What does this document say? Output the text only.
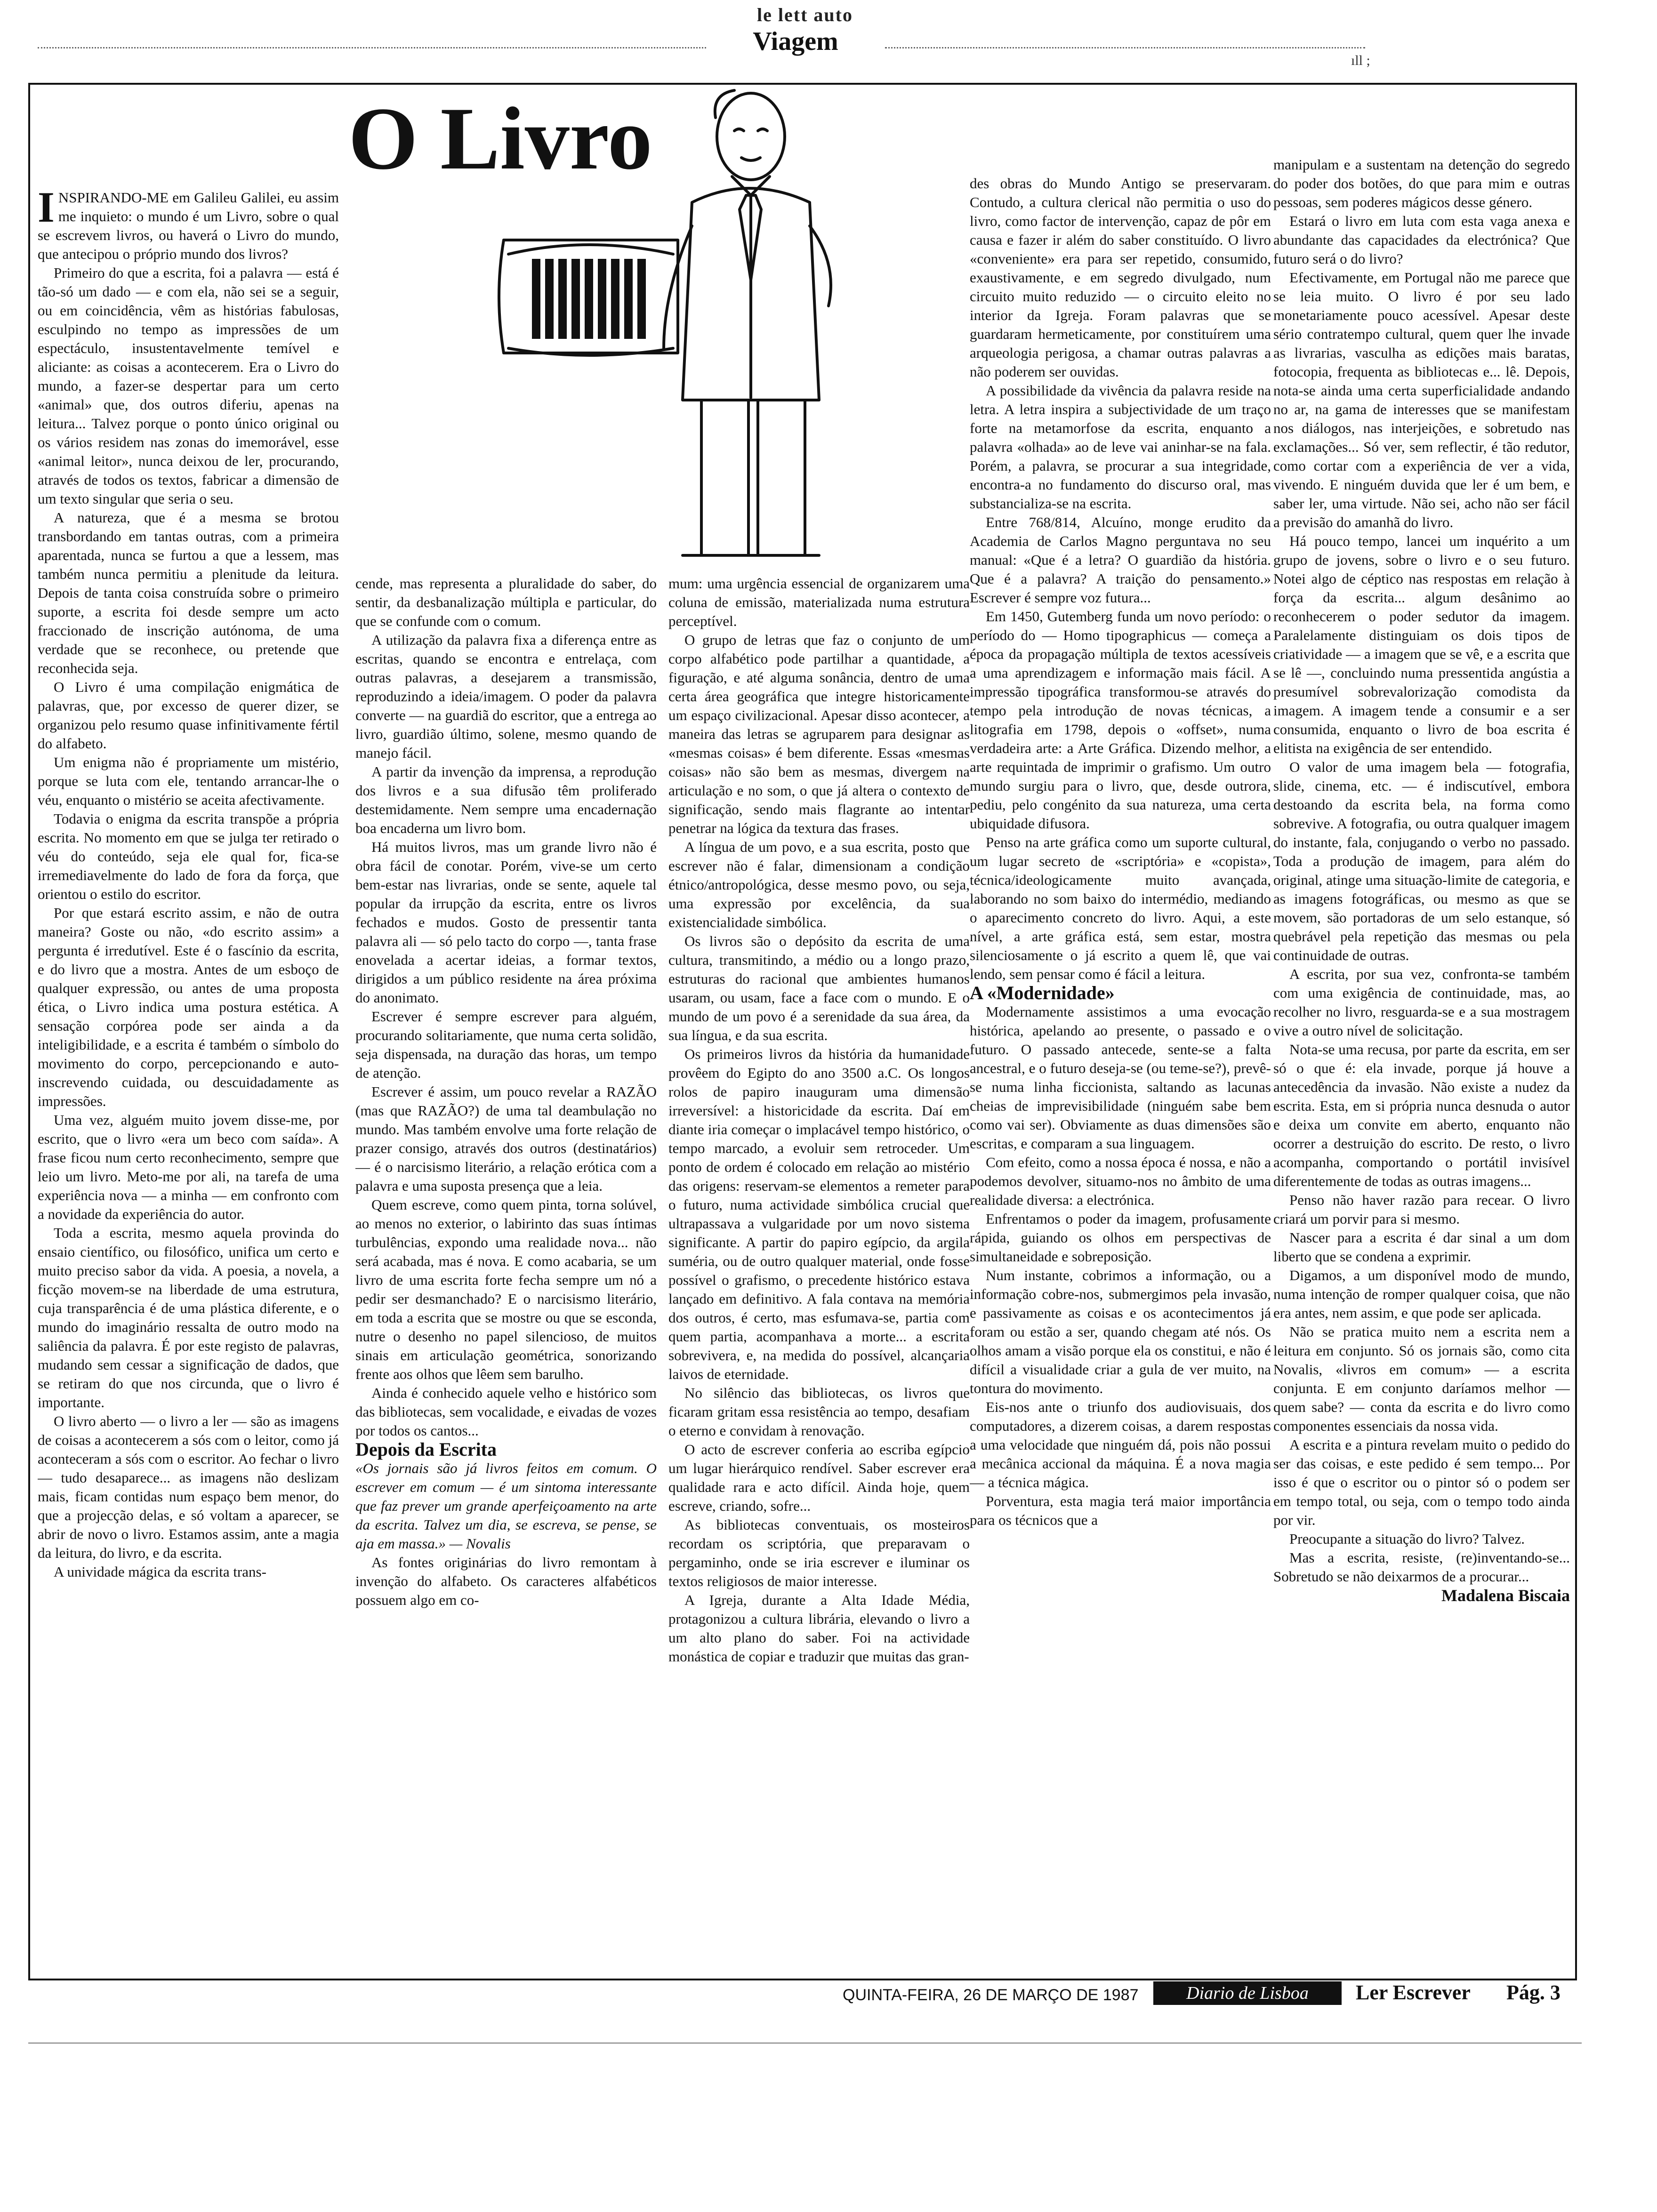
le lett auto
Viagem
ıll ;
O Livro

INSPIRANDO-ME em Galileu Galilei, eu assim me inquieto: o mundo é um Livro, sobre o qual se escrevem livros, ou haverá o Livro do mundo, que antecipou o próprio mundo dos livros?

Primeiro do que a escrita, foi a palavra — está é tão-só um dado — e com ela, não sei se a seguir, ou em coincidência, vêm as histórias fabulosas, esculpindo no tempo as impressões de um espectáculo, insustentavelmente temível e aliciante: as coisas a acontecerem. Era o Livro do mundo, a fazer-se despertar para um certo «animal» que, dos outros diferiu, apenas na leitura... Talvez porque o ponto único original ou os vários residem nas zonas do imemorável, esse «animal leitor», nunca deixou de ler, procurando, através de todos os textos, fabricar a dimensão de um texto singular que seria o seu.

A natureza, que é a mesma se brotou transbordando em tantas outras, com a primeira aparentada, nunca se furtou a que a lessem, mas também nunca permitiu a plenitude da leitura. Depois de tanta coisa construída sobre o primeiro suporte, a escrita foi desde sempre um acto fraccionado de inscrição autónoma, de uma verdade que se reconhece, ou pretende que reconhecida seja.

O Livro é uma compilação enigmática de palavras, que, por excesso de querer dizer, se organizou pelo resumo quase infinitivamente fértil do alfabeto.

Um enigma não é propriamente um mistério, porque se luta com ele, tentando arrancar-lhe o véu, enquanto o mistério se aceita afectivamente.

Todavia o enigma da escrita transpõe a própria escrita. No momento em que se julga ter retirado o véu do conteúdo, seja ele qual for, fica-se irremediavelmente do lado de fora da força, que orientou o estilo do escritor.

Por que estará escrito assim, e não de outra maneira? Goste ou não, «do escrito assim» a pergunta é irredutível. Este é o fascínio da escrita, e do livro que a mostra. Antes de um esboço de qualquer expressão, ou antes de uma proposta ética, o Livro indica uma postura estética. A sensação corpórea pode ser ainda a da inteligibilidade, e a escrita é também o símbolo do movimento do corpo, percepcionando e auto-inscrevendo cuidada, ou descuidadamente as impressões.

Uma vez, alguém muito jovem disse-me, por escrito, que o livro «era um beco com saída». A frase ficou num certo reconhecimento, sempre que leio um livro. Meto-me por ali, na tarefa de uma experiência nova — a minha — em confronto com a novidade da experiência do autor.

Toda a escrita, mesmo aquela provinda do ensaio científico, ou filosófico, unifica um certo e muito preciso sabor da vida. A poesia, a novela, a ficção movem-se na liberdade de uma estrutura, cuja transparência é de uma plástica diferente, e o mundo do imaginário ressalta de outro modo na saliência da palavra. É por este registo de palavras, mudando sem cessar a significação de dados, que se retiram do que nos circunda, que o livro é importante.

O livro aberto — o livro a ler — são as imagens de coisas a acontecerem a sós com o leitor, como já aconteceram a sós com o escritor. Ao fechar o livro — tudo desaparece... as imagens não deslizam mais, ficam contidas num espaço bem menor, do que a projecção delas, e só voltam a aparecer, se abrir de novo o livro. Estamos assim, ante a magia da leitura, do livro, e da escrita.

A unividade mágica da escrita trans-

cende, mas representa a pluralidade do saber, do sentir, da desbanalização múltipla e particular, do que se confunde com o comum.

A utilização da palavra fixa a diferença entre as escritas, quando se encontra e entrelaça, com outras palavras, a desejarem a transmissão, reproduzindo a ideia/imagem. O poder da palavra converte — na guardiã do escritor, que a entrega ao livro, guardião último, solene, mesmo quando de manejo fácil.

A partir da invenção da imprensa, a reprodução dos livros e a sua difusão têm proliferado destemidamente. Nem sempre uma encadernação boa encaderna um livro bom.

Há muitos livros, mas um grande livro não é obra fácil de conotar. Porém, vive-se um certo bem-estar nas livrarias, onde se sente, aquele tal popular da irrupção da escrita, entre os livros fechados e mudos. Gosto de pressentir tanta palavra ali — só pelo tacto do corpo —, tanta frase enovelada a acertar ideias, a formar textos, dirigidos a um público residente na área próxima do anonimato.

Escrever é sempre escrever para alguém, procurando solitariamente, que numa certa solidão, seja dispensada, na duração das horas, um tempo de atenção.

Escrever é assim, um pouco revelar a RAZÃO (mas que RAZÃO?) de uma tal deambulação no mundo. Mas também envolve uma forte relação de prazer consigo, através dos outros (destinatários) — é o narcisismo literário, a relação erótica com a palavra e uma suposta presença que a leia.

Quem escreve, como quem pinta, torna solúvel, ao menos no exterior, o labirinto das suas íntimas turbulências, expondo uma realidade nova... não será acabada, mas é nova. E como acabaria, se um livro de uma escrita forte fecha sempre um nó a pedir ser desmanchado? E o narcisismo literário, em toda a escrita que se mostre ou que se esconda, nutre o desenho no papel silencioso, de muitos sinais em articulação geométrica, sonorizando frente aos olhos que lêem sem barulho.

Ainda é conhecido aquele velho e histórico som das bibliotecas, sem vocalidade, e eivadas de vozes por todos os cantos...

Depois da Escrita

«Os jornais são já livros feitos em comum. O escrever em comum — é um sintoma interessante que faz prever um grande aperfeiçoamento na arte da escrita. Talvez um dia, se escreva, se pense, se aja em massa.» — Novalis

As fontes originárias do livro remontam à invenção do alfabeto. Os caracteres alfabéticos possuem algo em co-

mum: uma urgência essencial de organizarem uma coluna de emissão, materializada numa estrutura perceptível.

O grupo de letras que faz o conjunto de um corpo alfabético pode partilhar a quantidade, a figuração, e até alguma sonância, dentro de uma certa área geográfica que integre historicamente um espaço civilizacional. Apesar disso acontecer, a maneira das letras se agruparem para designar as «mesmas coisas» é bem diferente. Essas «mesmas coisas» não são bem as mesmas, divergem na articulação e no som, o que já altera o contexto de significação, sendo mais flagrante ao intentar penetrar na lógica da textura das frases.

A língua de um povo, e a sua escrita, posto que escrever não é falar, dimensionam a condição étnico/antropológica, desse mesmo povo, ou seja, uma expressão por excelência, da sua existencialidade simbólica.

Os livros são o depósito da escrita de uma cultura, transmitindo, a médio ou a longo prazo, estruturas do racional que ambientes humanos usaram, ou usam, face a face com o mundo. E o mundo de um povo é a serenidade da sua área, da sua língua, e da sua escrita.

Os primeiros livros da história da humanidade provêem do Egipto do ano 3500 a.C. Os longos rolos de papiro inauguram uma dimensão irreversível: a historicidade da escrita. Daí em diante iria começar o implacável tempo histórico, o tempo marcado, a evoluir sem retroceder. Um ponto de ordem é colocado em relação ao mistério das origens: reservam-se elementos a remeter para o futuro, numa actividade simbólica crucial que ultrapassava a vulgaridade por um novo sistema significante. A partir do papiro egípcio, da argila suméria, ou de outro qualquer material, onde fosse possível o grafismo, o precedente histórico estava lançado em definitivo. A fala contava na memória dos outros, é certo, mas esfumava-se, partia com quem partia, acompanhava a morte... a escrita sobrevivera, e, na medida do possível, alcançaria laivos de eternidade.

No silêncio das bibliotecas, os livros que ficaram gritam essa resistência ao tempo, desafiam o eterno e convidam à renovação.

O acto de escrever conferia ao escriba egípcio um lugar hierárquico rendível. Saber escrever era qualidade rara e acto difícil. Ainda hoje, quem escreve, criando, sofre...

As bibliotecas conventuais, os mosteiros recordam os scriptória, que preparavam o pergaminho, onde se iria escrever e iluminar os textos religiosos de maior interesse.

A Igreja, durante a Alta Idade Média, protagonizou a cultura librária, elevando o livro a um alto plano do saber. Foi na actividade monástica de copiar e traduzir que muitas das gran-

des obras do Mundo Antigo se preservaram. Contudo, a cultura clerical não permitia o uso do livro, como factor de intervenção, capaz de pôr em causa e fazer ir além do saber constituído. O livro «conveniente» era para ser repetido, consumido, exaustivamente, e em segredo divulgado, num circuito muito reduzido — o circuito eleito no interior da Igreja. Foram palavras que se guardaram hermeticamente, por constituírem uma arqueologia perigosa, a chamar outras palavras a não poderem ser ouvidas.

A possibilidade da vivência da palavra reside na letra. A letra inspira a subjectividade de um traço forte na metamorfose da escrita, enquanto a palavra «olhada» ao de leve vai aninhar-se na fala. Porém, a palavra, se procurar a sua integridade, encontra-a no fundamento do discurso oral, mas substancializa-se na escrita.

Entre 768/814, Alcuíno, monge erudito da Academia de Carlos Magno perguntava no seu manual: «Que é a letra? O guardião da história. Que é a palavra? A traição do pensamento.» Escrever é sempre voz futura...

Em 1450, Gutemberg funda um novo período: o período do — Homo tipographicus — começa a época da propagação múltipla de textos acessíveis a uma aprendizagem e informação mais fácil. A impressão tipográfica transformou-se através do tempo pela introdução de novas técnicas, a litografia em 1798, depois o «offset», numa verdadeira arte: a Arte Gráfica. Dizendo melhor, a arte requintada de imprimir o grafismo. Um outro mundo surgiu para o livro, que, desde outrora, pediu, pelo congénito da sua natureza, uma certa ubiquidade difusora.

Penso na arte gráfica como um suporte cultural, um lugar secreto de «scriptória» e «copista», técnica/ideologicamente muito avançada, laborando no som baixo do intermédio, mediando o aparecimento concreto do livro. Aqui, a este nível, a arte gráfica está, sem estar, mostra silenciosamente o já escrito a quem lê, que vai lendo, sem pensar como é fácil a leitura.

A «Modernidade»

Modernamente assistimos a uma evocação histórica, apelando ao presente, o passado e o futuro. O passado antecede, sente-se a falta ancestral, e o futuro deseja-se (ou teme-se?), prevê-se numa linha ficcionista, saltando as lacunas cheias de imprevisibilidade (ninguém sabe bem como vai ser). Obviamente as duas dimensões são escritas, e comparam a sua linguagem.

Com efeito, como a nossa época é nossa, e não a podemos devolver, situamo-nos no âmbito de uma realidade diversa: a electrónica.

Enfrentamos o poder da imagem, profusamente rápida, guiando os olhos em perspectivas de simultaneidade e sobreposição.

Num instante, cobrimos a informação, ou a informação cobre-nos, submergimos pela invasão, e passivamente as coisas e os acontecimentos já foram ou estão a ser, quando chegam até nós. Os olhos amam a visão porque ela os constitui, e não é difícil a visualidade criar a gula de ver muito, na tontura do movimento.

Eis-nos ante o triunfo dos audiovisuais, dos computadores, a dizerem coisas, a darem respostas a uma velocidade que ninguém dá, pois não possui a mecânica accional da máquina. É a nova magia — a técnica mágica.

Porventura, esta magia terá maior importância para os técnicos que a

manipulam e a sustentam na detenção do segredo do poder dos botões, do que para mim e outras pessoas, sem poderes mágicos desse género.

Estará o livro em luta com esta vaga anexa e abundante das capacidades da electrónica? Que futuro será o do livro?

Efectivamente, em Portugal não me parece que se leia muito. O livro é por seu lado monetariamente pouco acessível. Apesar deste sério contratempo cultural, quem quer lhe invade as livrarias, vasculha as edições mais baratas, fotocopia, frequenta as bibliotecas e... lê. Depois, nota-se ainda uma certa superficialidade andando no ar, na gama de interesses que se manifestam nos diálogos, nas interjeições, e sobretudo nas exclamações... Só ver, sem reflectir, é tão redutor, como cortar com a experiência de ver a vida, vivendo. E ninguém duvida que ler é um bem, e saber ler, uma virtude. Não sei, acho não ser fácil a previsão do amanhã do livro.

Há pouco tempo, lancei um inquérito a um grupo de jovens, sobre o livro e o seu futuro. Notei algo de céptico nas respostas em relação à força da escrita... algum desânimo ao reconhecerem o poder sedutor da imagem. Paralelamente distinguiam os dois tipos de criatividade — a imagem que se vê, e a escrita que se lê —, concluindo numa pressentida angústia a presumível sobrevalorização comodista da imagem. A imagem tende a consumir e a ser consumida, enquanto o livro de boa escrita é elitista na exigência de ser entendido.

O valor de uma imagem bela — fotografia, slide, cinema, etc. — é indiscutível, embora destoando da escrita bela, na forma como sobrevive. A fotografia, ou outra qualquer imagem do instante, fala, conjugando o verbo no passado. Toda a produção de imagem, para além do original, atinge uma situação-limite de categoria, e as imagens fotográficas, ou mesmo as que se movem, são portadoras de um selo estanque, só quebrável pela repetição das mesmas ou pela continuidade de outras.

A escrita, por sua vez, confronta-se também com uma exigência de continuidade, mas, ao recolher no livro, resguarda-se e a sua mostragem vive a outro nível de solicitação.

Nota-se uma recusa, por parte da escrita, em ser só o que é: ela invade, porque já houve a antecedência da invasão. Não existe a nudez da escrita. Esta, em si própria nunca desnuda o autor e deixa um convite em aberto, enquanto não ocorrer a destruição do escrito. De resto, o livro acompanha, comportando o portátil invisível diferentemente de todas as outras imagens...

Penso não haver razão para recear. O livro criará um porvir para si mesmo.

Nascer para a escrita é dar sinal a um dom liberto que se condena a exprimir.

Digamos, a um disponível modo de mundo, numa intenção de romper qualquer coisa, que não era antes, nem assim, e que pode ser aplicada.

Não se pratica muito nem a escrita nem a leitura em conjunto. Só os jornais são, como cita Novalis, «livros em comum» — a escrita conjunta. E em conjunto daríamos melhor — quem sabe? — conta da escrita e do livro como componentes essenciais da nossa vida.

A escrita e a pintura revelam muito o pedido do ser das coisas, e este pedido é sem tempo... Por isso é que o escritor ou o pintor só o podem ser em tempo total, ou seja, com o tempo todo ainda por vir.

Preocupante a situação do livro? Talvez.

Mas a escrita, resiste, (re)inventando-se... Sobretudo se não deixarmos de a procurar...

Madalena Biscaia

QUINTA-FEIRA, 26 DE MARÇO DE 1987	Diario de Lisboa	Ler Escrever Pág. 3
